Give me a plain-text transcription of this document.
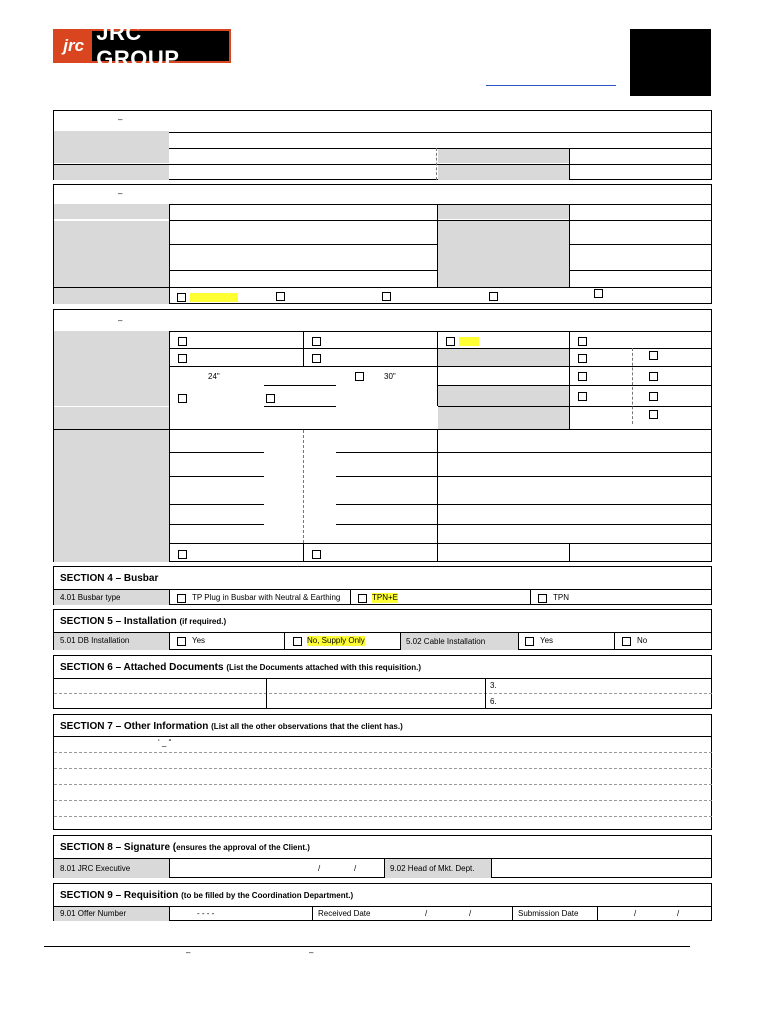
jrc
JRC GROUP
–
–
24"	30"
–
SECTION 4 – Busbar
4.01 Busbar type	TP Plug in Busbar with Neutral & Earthing	TPN+E	TPN
SECTION 5 – Installation (if required.)
5.01 DB Installation	Yes	No, Supply Only	5.02 Cable Installation	Yes	No
SECTION 6 – Attached Documents (List the Documents attached with this requisition.)
3.
6.
SECTION 7 – Other Information (List all the other observations that the client has.)
‘ _ “
SECTION 8 – Signature (ensures the approval of the Client.)
8.01 JRC Executive	/	/	9.02 Head of Mkt. Dept.
SECTION 9 – Requisition (to be filled by the Coordination Department.)
9.01 Offer Number	- - - -	Received Date	/	/	Submission Date	/	/
–	–
